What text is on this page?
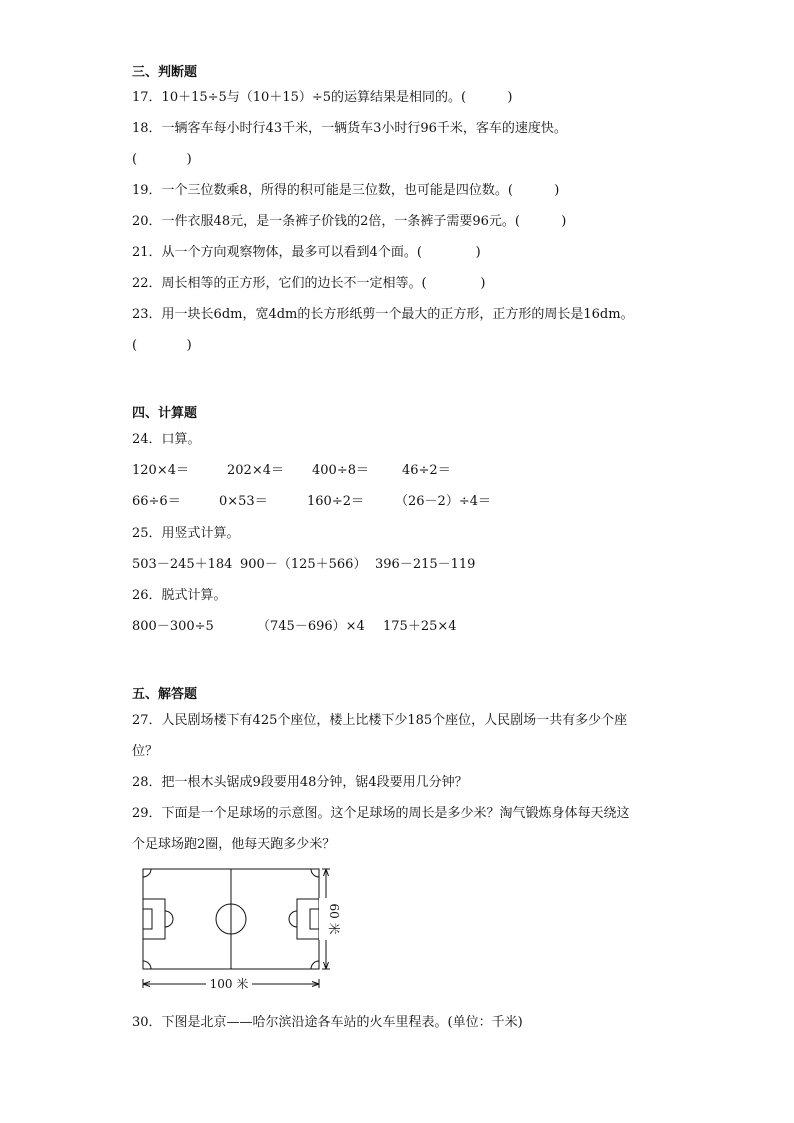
三、判断题
17．10＋15÷5与（10＋15）÷5的运算结果是相同的。(          )
18．一辆客车每小时行43千米，一辆货车3小时行96千米，客车的速度快。
(            )
19．一个三位数乘8，所得的积可能是三位数，也可能是四位数。(          )
20．一件衣服48元，是一条裤子价钱的2倍，一条裤子需要96元。(          )
21．从一个方向观察物体，最多可以看到4个面。(             )
22．周长相等的正方形，它们的边长不一定相等。(             )
23．用一块长6dm，宽4dm的长方形纸剪一个最大的正方形，正方形的周长是16dm。
(            )
四、计算题
24．口算。
120×4＝	202×4＝ 400÷8＝	46÷2＝
66÷6＝	0×53＝	160÷2＝ （26－2）÷4＝
25．用竖式计算。
503－245＋184 900－（125＋566） 396－215－119
26．脱式计算。
800－300÷5	（745－696）×4 175＋25×4
五、解答题
27．人民剧场楼下有425个座位，楼上比楼下少185个座位，人民剧场一共有多少个座
位？
28．把一根木头锯成9段要用48分钟，锯4段要用几分钟？
29．下面是一个足球场的示意图。这个足球场的周长是多少米？淘气锻炼身体每天绕这
个足球场跑2圈，他每天跑多少米？
100 米
60 米
30．下图是北京——哈尔滨沿途各车站的火车里程表。(单位：千米)
